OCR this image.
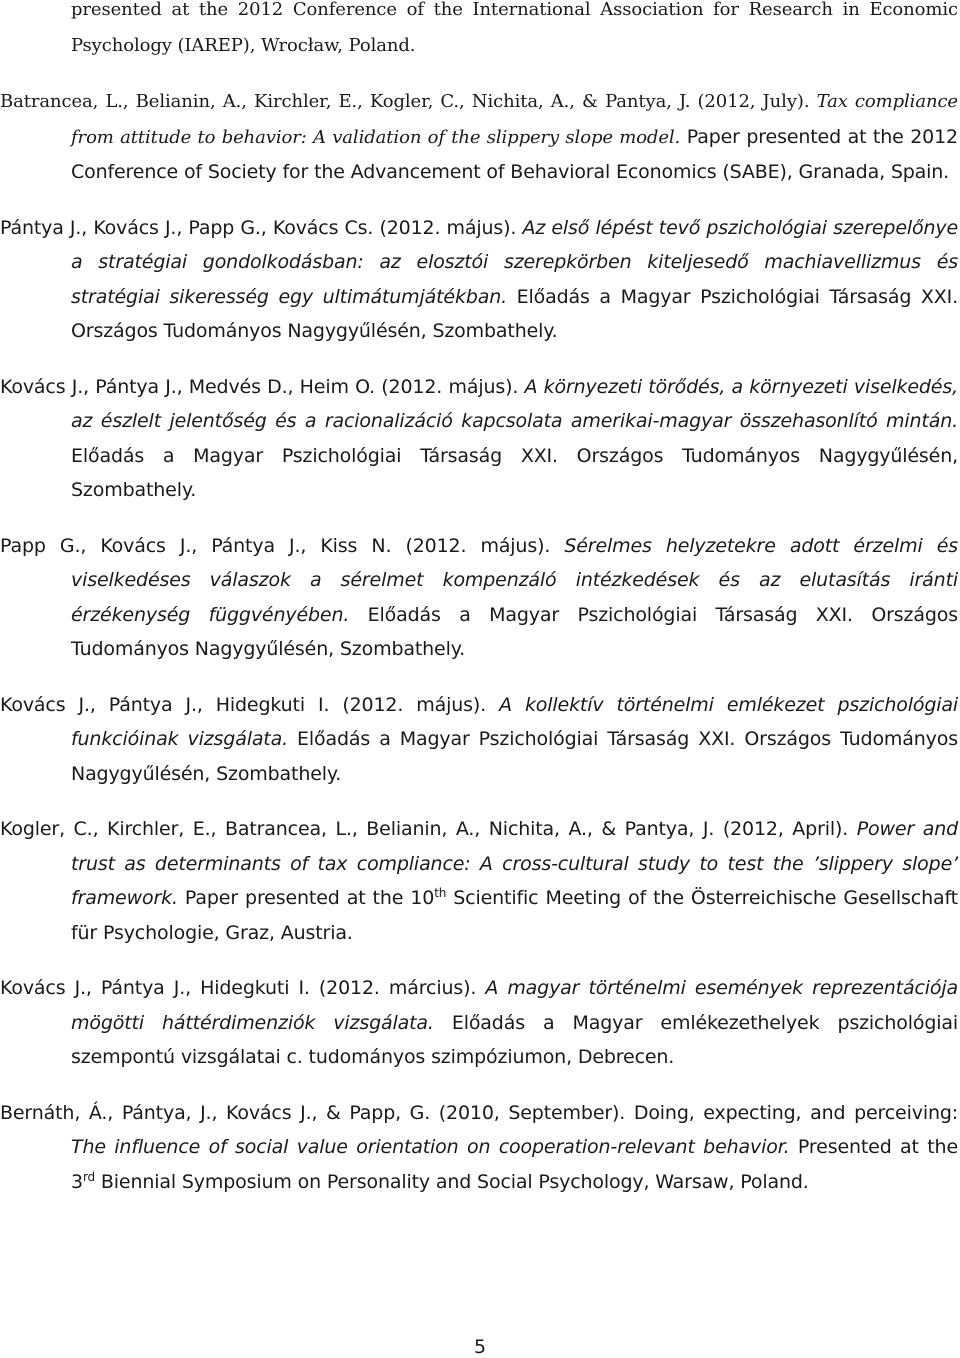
presented at the 2012 Conference of the International Association for Research in Economic Psychology (IAREP), Wrocław, Poland.

Batrancea, L., Belianin, A., Kirchler, E., Kogler, C., Nichita, A., & Pantya, J. (2012, July). Tax compliance from attitude to behavior: A validation of the slippery slope model. Paper presented at the 2012 Conference of Society for the Advancement of Behavioral Economics (SABE), Granada, Spain.

Pántya J., Kovács J., Papp G., Kovács Cs. (2012. május). Az első lépést tevő pszichológiai szerepelőnye a stratégiai gondolkodásban: az elosztói szerepkörben kiteljesedő machiavellizmus és stratégiai sikeresség egy ultimátumjátékban. Előadás a Magyar Pszichológiai Társaság XXI. Országos Tudományos Nagygyűlésén, Szombathely.

Kovács J., Pántya J., Medvés D., Heim O. (2012. május). A környezeti törődés, a környezeti viselkedés, az észlelt jelentőség és a racionalizáció kapcsolata amerikai-magyar összehasonlító mintán. Előadás a Magyar Pszichológiai Társaság XXI. Országos Tudományos Nagygyűlésén, Szombathely.

Papp G., Kovács J., Pántya J., Kiss N. (2012. május). Sérelmes helyzetekre adott érzelmi és viselkedéses válaszok a sérelmet kompenzáló intézkedések és az elutasítás iránti érzékenység függvényében. Előadás a Magyar Pszichológiai Társaság XXI. Országos Tudományos Nagygyűlésén, Szombathely.

Kovács J., Pántya J., Hidegkuti I. (2012. május). A kollektív történelmi emlékezet pszichológiai funkcióinak vizsgálata. Előadás a Magyar Pszichológiai Társaság XXI. Országos Tudományos Nagygyűlésén, Szombathely.

Kogler, C., Kirchler, E., Batrancea, L., Belianin, A., Nichita, A., & Pantya, J. (2012, April). Power and trust as determinants of tax compliance: A cross-cultural study to test the ’slippery slope’ framework. Paper presented at the 10th Scientific Meeting of the Österreichische Gesellschaft für Psychologie, Graz, Austria.

Kovács J., Pántya J., Hidegkuti I. (2012. március). A magyar történelmi események reprezentációja mögötti háttérdimenziók vizsgálata. Előadás a Magyar emlékezethelyek pszichológiai szempontú vizsgálatai c. tudományos szimpóziumon, Debrecen.

Bernáth, Á., Pántya, J., Kovács J., & Papp, G. (2010, September). Doing, expecting, and perceiving: The influence of social value orientation on cooperation-relevant behavior. Presented at the 3rd Biennial Symposium on Personality and Social Psychology, Warsaw, Poland.

5
